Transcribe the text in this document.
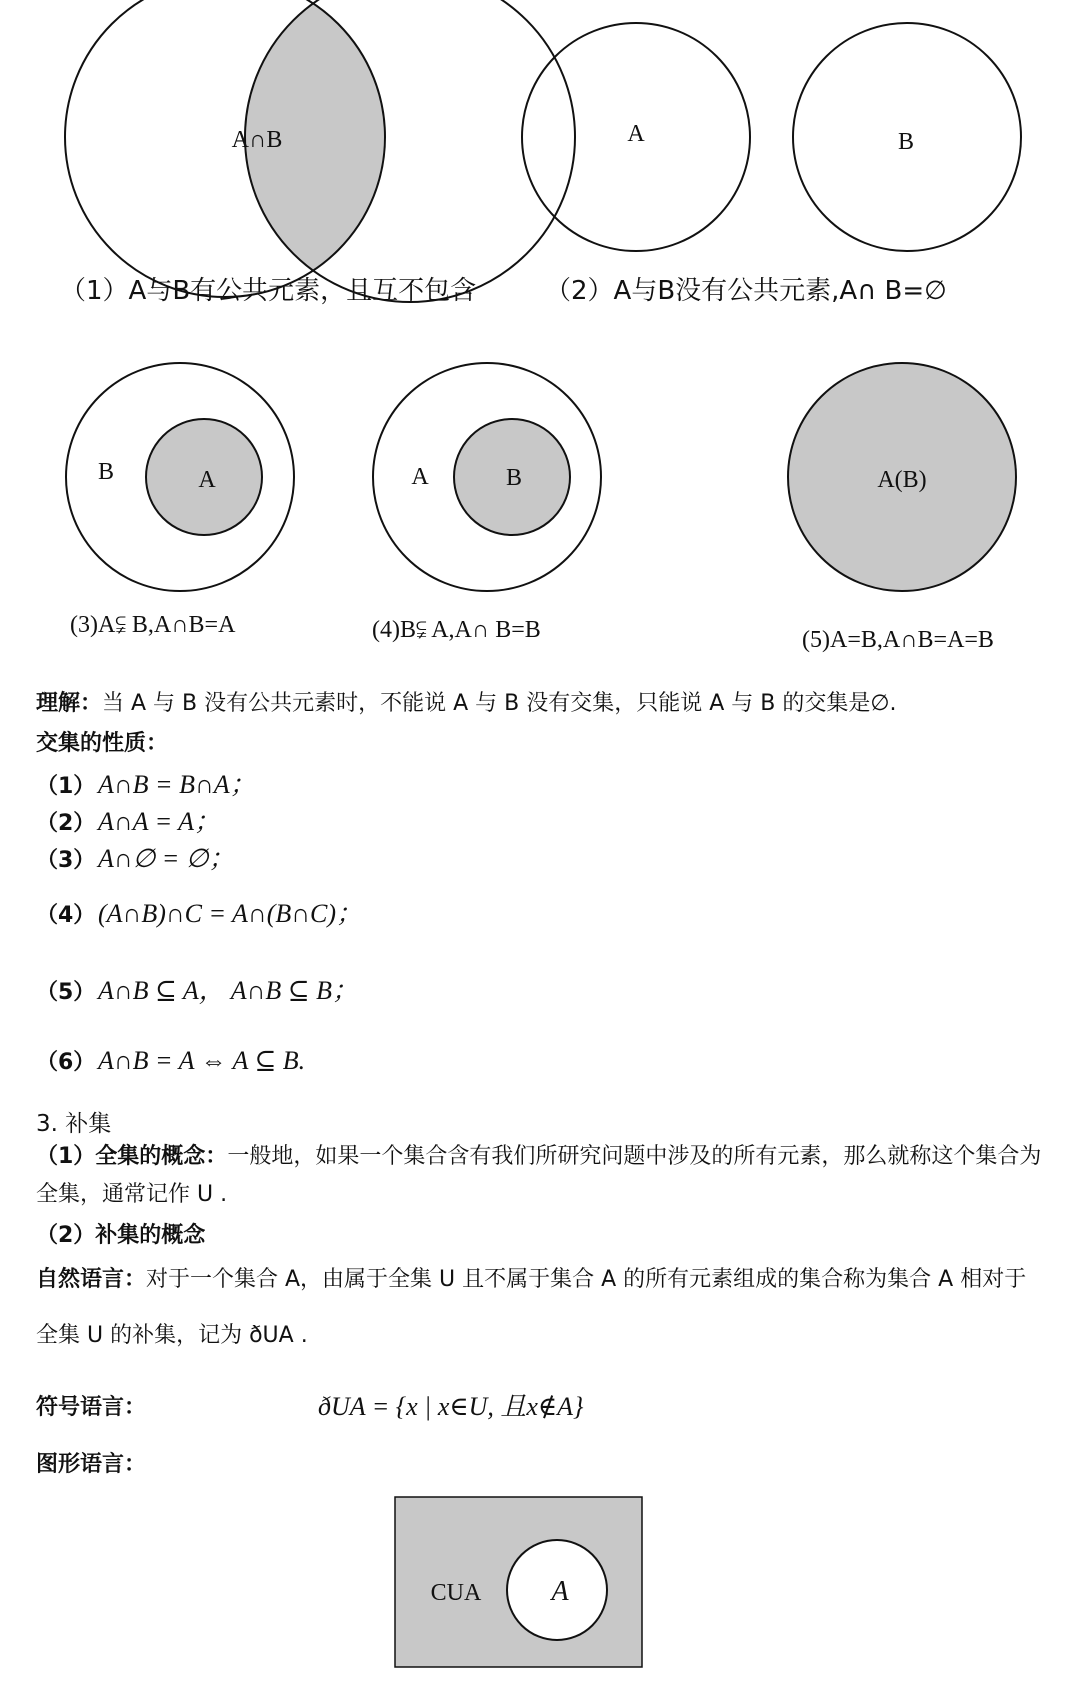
A∩B	A	B
B	A	A	B	A(B)
CUA	A
（1）A与B有公共元素，且互不包含	（2）A与B没有公共元素,A∩ B=∅
(3)A⫋ B,A∩B=A	(4)B⫋ A,A∩ B=B	(5)A=B,A∩B=A=B
理解：当 A 与 B 没有公共元素时，不能说 A 与 B 没有交集，只能说 A 与 B 的交集是∅.
交集的性质：
（1） A∩B = B∩A；
（2） A∩A = A；
（3） A∩∅ = ∅；
（4） (A∩B)∩C = A∩(B∩C)；
（5） A∩B ⊆ A， A∩B ⊆ B；
（6） A∩B = A ⇔ A ⊆ B.
3. 补集
（1）全集的概念：一般地，如果一个集合含有我们所研究问题中涉及的所有元素，那么就称这个集合为全集，通常记作 U .
（2）补集的概念
自然语言：对于一个集合 A，由属于全集 U 且不属于集合 A 的所有元素组成的集合称为集合 A 相对于全集 U 的补集，记为 ðUA .
符号语言：	ðUA = {x | x∈U, 且x∉A}
图形语言：
